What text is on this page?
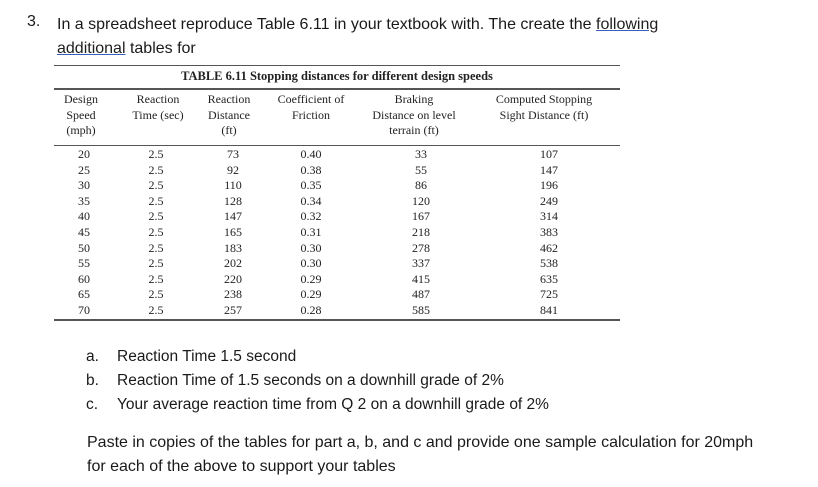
3. In a spreadsheet reproduce Table 6.11 in your textbook with. The create the following
additional tables for
TABLE 6.11 Stopping distances for different design speeds
Design
Speed
(mph)
Reaction
Time (sec)
Reaction
Distance
(ft)
Coefficient of
Friction
Braking
Distance on level
terrain (ft)
Computed Stopping
Sight Distance (ft)
20
25
30
35
40
45
50
55
60
65
70
2.5
2.5
2.5
2.5
2.5
2.5
2.5
2.5
2.5
2.5
2.5
73
92
110
128
147
165
183
202
220
238
257
0.40
0.38
0.35
0.34
0.32
0.31
0.30
0.30
0.29
0.29
0.28
33
55
86
120
167
218
278
337
415
487
585
107
147
196
249
314
383
462
538
635
725
841
a. Reaction Time 1.5 second
b. Reaction Time of 1.5 seconds on a downhill grade of 2%
c. Your average reaction time from Q 2 on a downhill grade of 2%
Paste in copies of the tables for part a, b, and c and provide one sample calculation for 20mph for each of the above to support your tables
